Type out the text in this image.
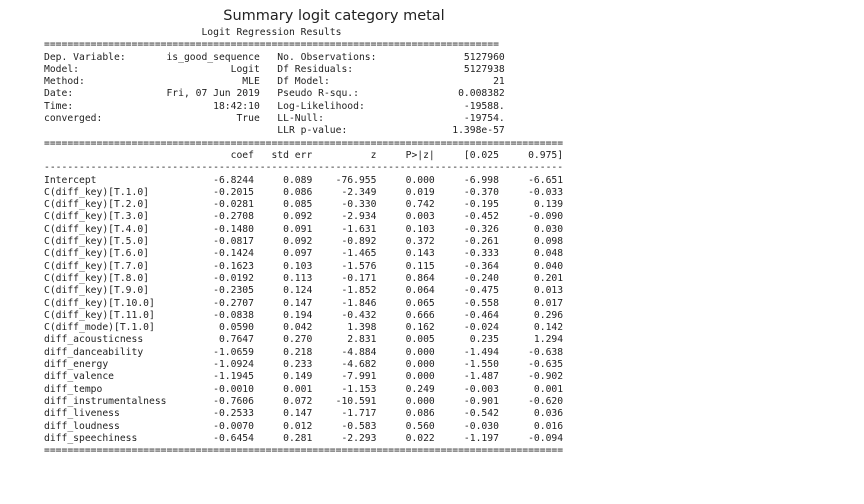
Summary logit category metal
Logit Regression Results
==============================================================================
Dep. Variable:       is_good_sequence   No. Observations:               5127960
Model:                          Logit   Df Residuals:                   5127938
Method:                           MLE   Df Model:                            21
Date:                Fri, 07 Jun 2019   Pseudo R-squ.:                 0.008382
Time:                        18:42:10   Log-Likelihood:                 -19588.
converged:                       True   LL-Null:                        -19754.
LLR p-value:                  1.398e-57
=========================================================================================
coef   std err          z     P>|z|     [0.025     0.975]
-----------------------------------------------------------------------------------------
Intercept                    -6.8244     0.089    -76.955     0.000     -6.998     -6.651
C(diff_key)[T.1.0]           -0.2015     0.086     -2.349     0.019     -0.370     -0.033
C(diff_key)[T.2.0]           -0.0281     0.085     -0.330     0.742     -0.195      0.139
C(diff_key)[T.3.0]           -0.2708     0.092     -2.934     0.003     -0.452     -0.090
C(diff_key)[T.4.0]           -0.1480     0.091     -1.631     0.103     -0.326      0.030
C(diff_key)[T.5.0]           -0.0817     0.092     -0.892     0.372     -0.261      0.098
C(diff_key)[T.6.0]           -0.1424     0.097     -1.465     0.143     -0.333      0.048
C(diff_key)[T.7.0]           -0.1623     0.103     -1.576     0.115     -0.364      0.040
C(diff_key)[T.8.0]           -0.0192     0.113     -0.171     0.864     -0.240      0.201
C(diff_key)[T.9.0]           -0.2305     0.124     -1.852     0.064     -0.475      0.013
C(diff_key)[T.10.0]          -0.2707     0.147     -1.846     0.065     -0.558      0.017
C(diff_key)[T.11.0]          -0.0838     0.194     -0.432     0.666     -0.464      0.296
C(diff_mode)[T.1.0]           0.0590     0.042      1.398     0.162     -0.024      0.142
diff_acousticness             0.7647     0.270      2.831     0.005      0.235      1.294
diff_danceability            -1.0659     0.218     -4.884     0.000     -1.494     -0.638
diff_energy                  -1.0924     0.233     -4.682     0.000     -1.550     -0.635
diff_valence                 -1.1945     0.149     -7.991     0.000     -1.487     -0.902
diff_tempo                   -0.0010     0.001     -1.153     0.249     -0.003      0.001
diff_instrumentalness        -0.7606     0.072    -10.591     0.000     -0.901     -0.620
diff_liveness                -0.2533     0.147     -1.717     0.086     -0.542      0.036
diff_loudness                -0.0070     0.012     -0.583     0.560     -0.030      0.016
diff_speechiness             -0.6454     0.281     -2.293     0.022     -1.197     -0.094
=========================================================================================
